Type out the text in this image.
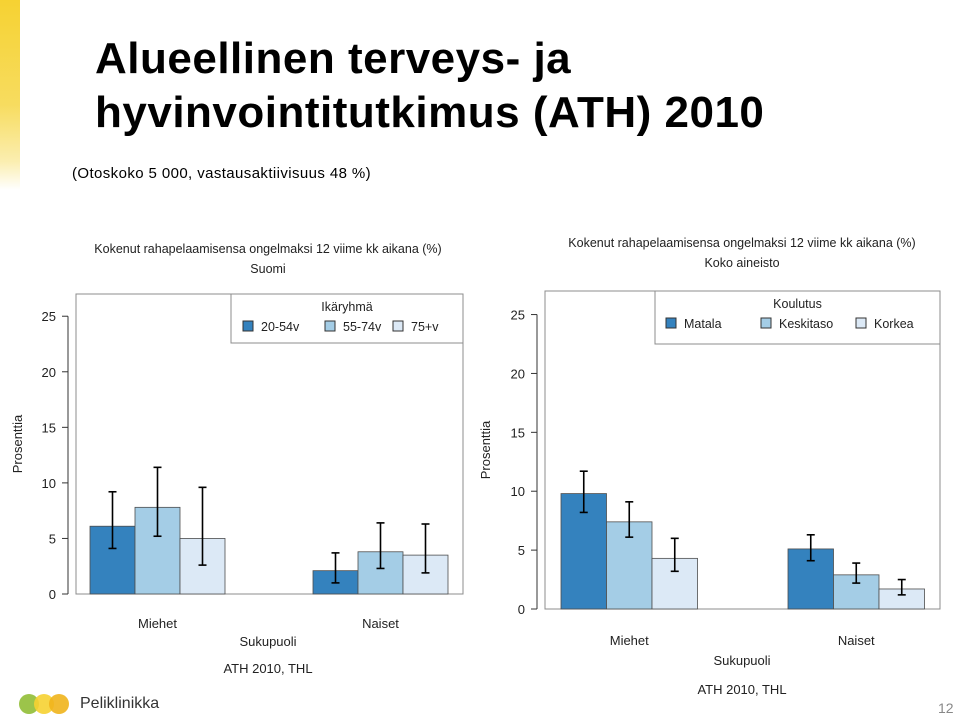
Alueellinen terveys- ja
hyvinvointitutkimus (ATH) 2010
(Otoskoko 5 000, vastausaktiivisuus 48 %)
Kokenut rahapelaamisensa ongelmaksi 12 viime kk aikana (%)
Suomi
0
5
10
15
20
25
Prosenttia
Miehet	Naiset
Sukupuoli
ATH 2010, THL
Ikäryhmä
20-54v	55-74v 75+v
Kokenut rahapelaamisensa ongelmaksi 12 viime kk aikana (%)
Koko aineisto
0
5
10
15
20
25
Prosenttia
Miehet	Naiset
Sukupuoli
ATH 2010, THL
Koulutus
Matala	Keskitaso	Korkea
Peliklinikka	12
